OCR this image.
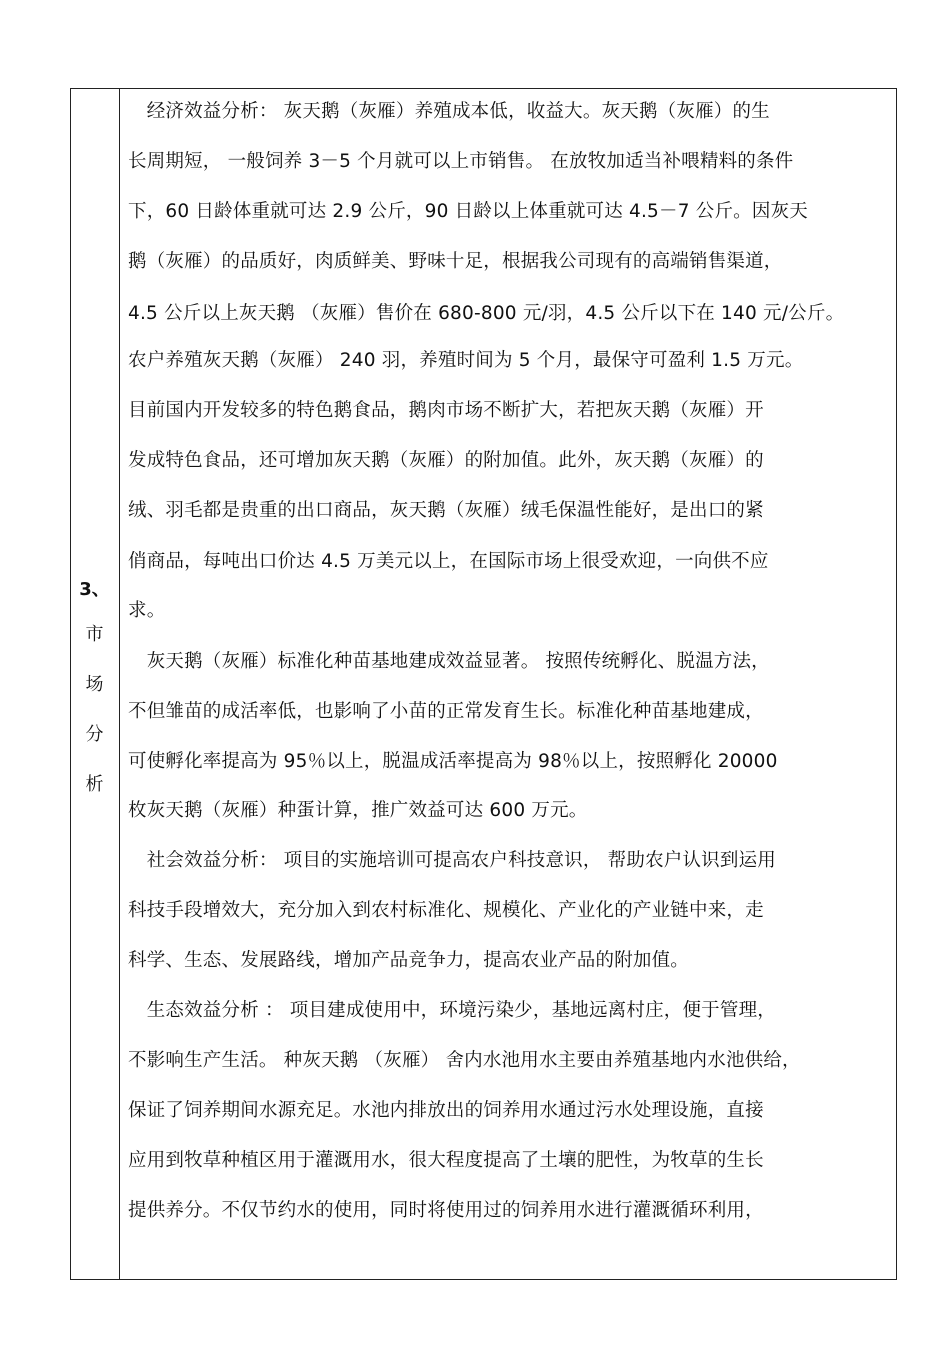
3、
市
场
分
析
　经济效益分析： 灰天鹅（灰雁）养殖成本低，收益大。灰天鹅（灰雁）的生
长周期短， 一般饲养 3－5 个月就可以上市销售。 在放牧加适当补喂精料的条件
下，60 日龄体重就可达 2.9 公斤，90 日龄以上体重就可达 4.5－7 公斤。因灰天
鹅（灰雁）的品质好，肉质鲜美、野味十足，根据我公司现有的高端销售渠道，
4.5 公斤以上灰天鹅 （灰雁）售价在 680-800 元/羽，4.5 公斤以下在 140 元/公斤。
农户养殖灰天鹅（灰雁） 240 羽，养殖时间为 5 个月，最保守可盈利 1.5 万元。
目前国内开发较多的特色鹅食品，鹅肉市场不断扩大，若把灰天鹅（灰雁）开
发成特色食品，还可增加灰天鹅（灰雁）的附加值。此外，灰天鹅（灰雁）的
绒、羽毛都是贵重的出口商品，灰天鹅（灰雁）绒毛保温性能好，是出口的紧
俏商品，每吨出口价达 4.5 万美元以上，在国际市场上很受欢迎，一向供不应
求。
　灰天鹅（灰雁）标准化种苗基地建成效益显著。 按照传统孵化、脱温方法，
不但雏苗的成活率低，也影响了小苗的正常发育生长。标准化种苗基地建成，
可使孵化率提高为 95％以上，脱温成活率提高为 98％以上，按照孵化 20000
枚灰天鹅（灰雁）种蛋计算，推广效益可达 600 万元。
　社会效益分析： 项目的实施培训可提高农户科技意识， 帮助农户认识到运用
科技手段增效大，充分加入到农村标准化、规模化、产业化的产业链中来，走
科学、生态、发展路线，增加产品竞争力，提高农业产品的附加值。
　生态效益分析 ： 项目建成使用中，环境污染少，基地远离村庄，便于管理，
不影响生产生活。 种灰天鹅 （灰雁） 舍内水池用水主要由养殖基地内水池供给，
保证了饲养期间水源充足。水池内排放出的饲养用水通过污水处理设施，直接
应用到牧草种植区用于灌溉用水，很大程度提高了土壤的肥性，为牧草的生长
提供养分。不仅节约水的使用，同时将使用过的饲养用水进行灌溉循环利用，
